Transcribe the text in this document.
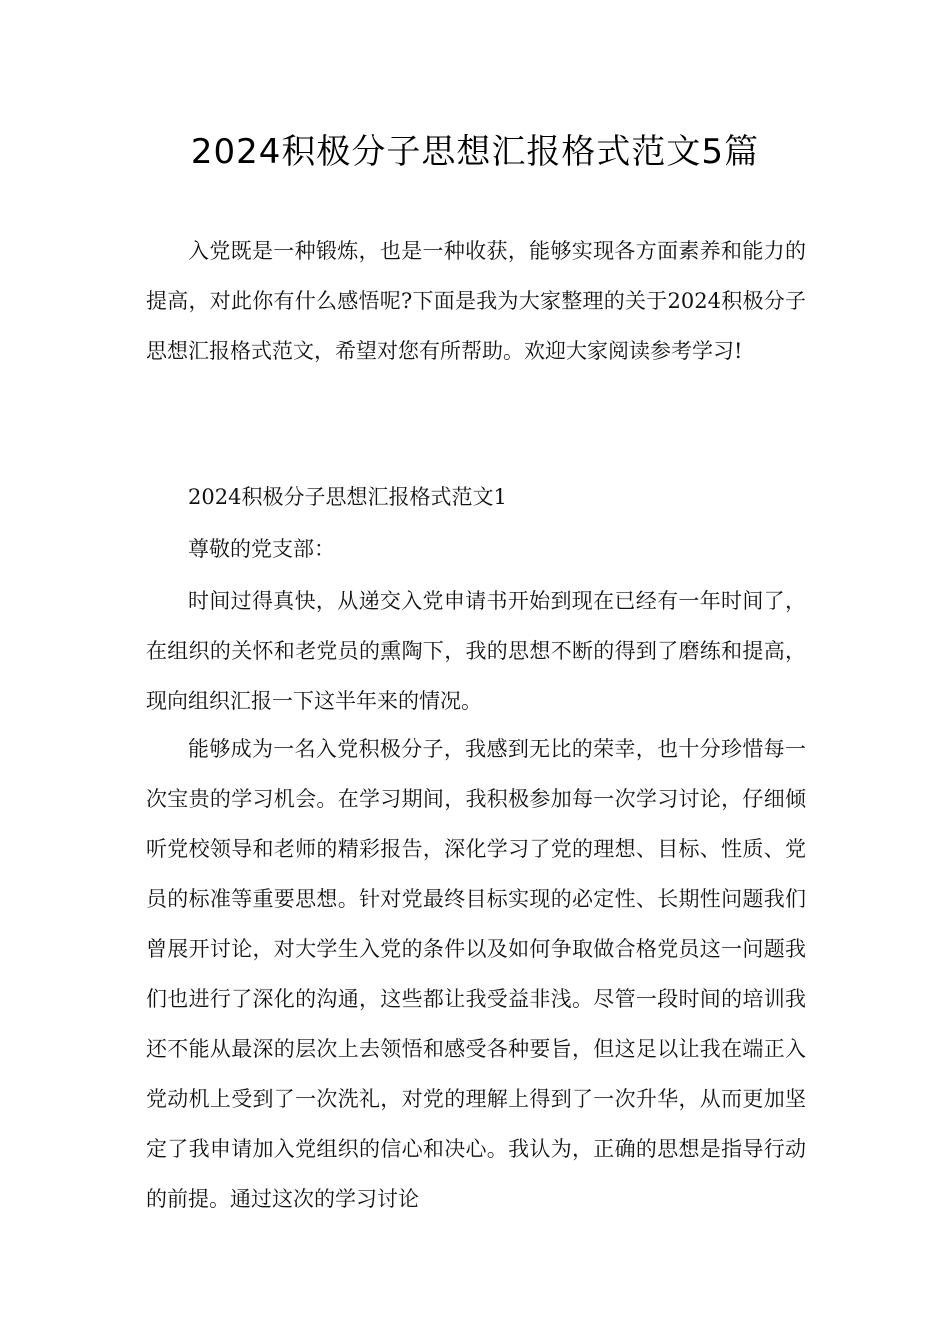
2024积极分子思想汇报格式范文5篇

入党既是一种锻炼，也是一种收获，能够实现各方面素养和能力的提高，对此你有什么感悟呢?下面是我为大家整理的关于2024积极分子思想汇报格式范文，希望对您有所帮助。欢迎大家阅读参考学习!

2024积极分子思想汇报格式范文1

尊敬的党支部：

时间过得真快，从递交入党申请书开始到现在已经有一年时间了，在组织的关怀和老党员的熏陶下，我的思想不断的得到了磨练和提高，现向组织汇报一下这半年来的情况。

能够成为一名入党积极分子，我感到无比的荣幸，也十分珍惜每一次宝贵的学习机会。在学习期间，我积极参加每一次学习讨论，仔细倾听党校领导和老师的精彩报告，深化学习了党的理想、目标、性质、党员的标准等重要思想。针对党最终目标实现的必定性、长期性问题我们曾展开讨论，对大学生入党的条件以及如何争取做合格党员这一问题我们也进行了深化的沟通，这些都让我受益非浅。尽管一段时间的培训我还不能从最深的层次上去领悟和感受各种要旨，但这足以让我在端正入党动机上受到了一次洗礼，对党的理解上得到了一次升华，从而更加坚定了我申请加入党组织的信心和决心。我认为，正确的思想是指导行动的前提。通过这次的学习讨论
